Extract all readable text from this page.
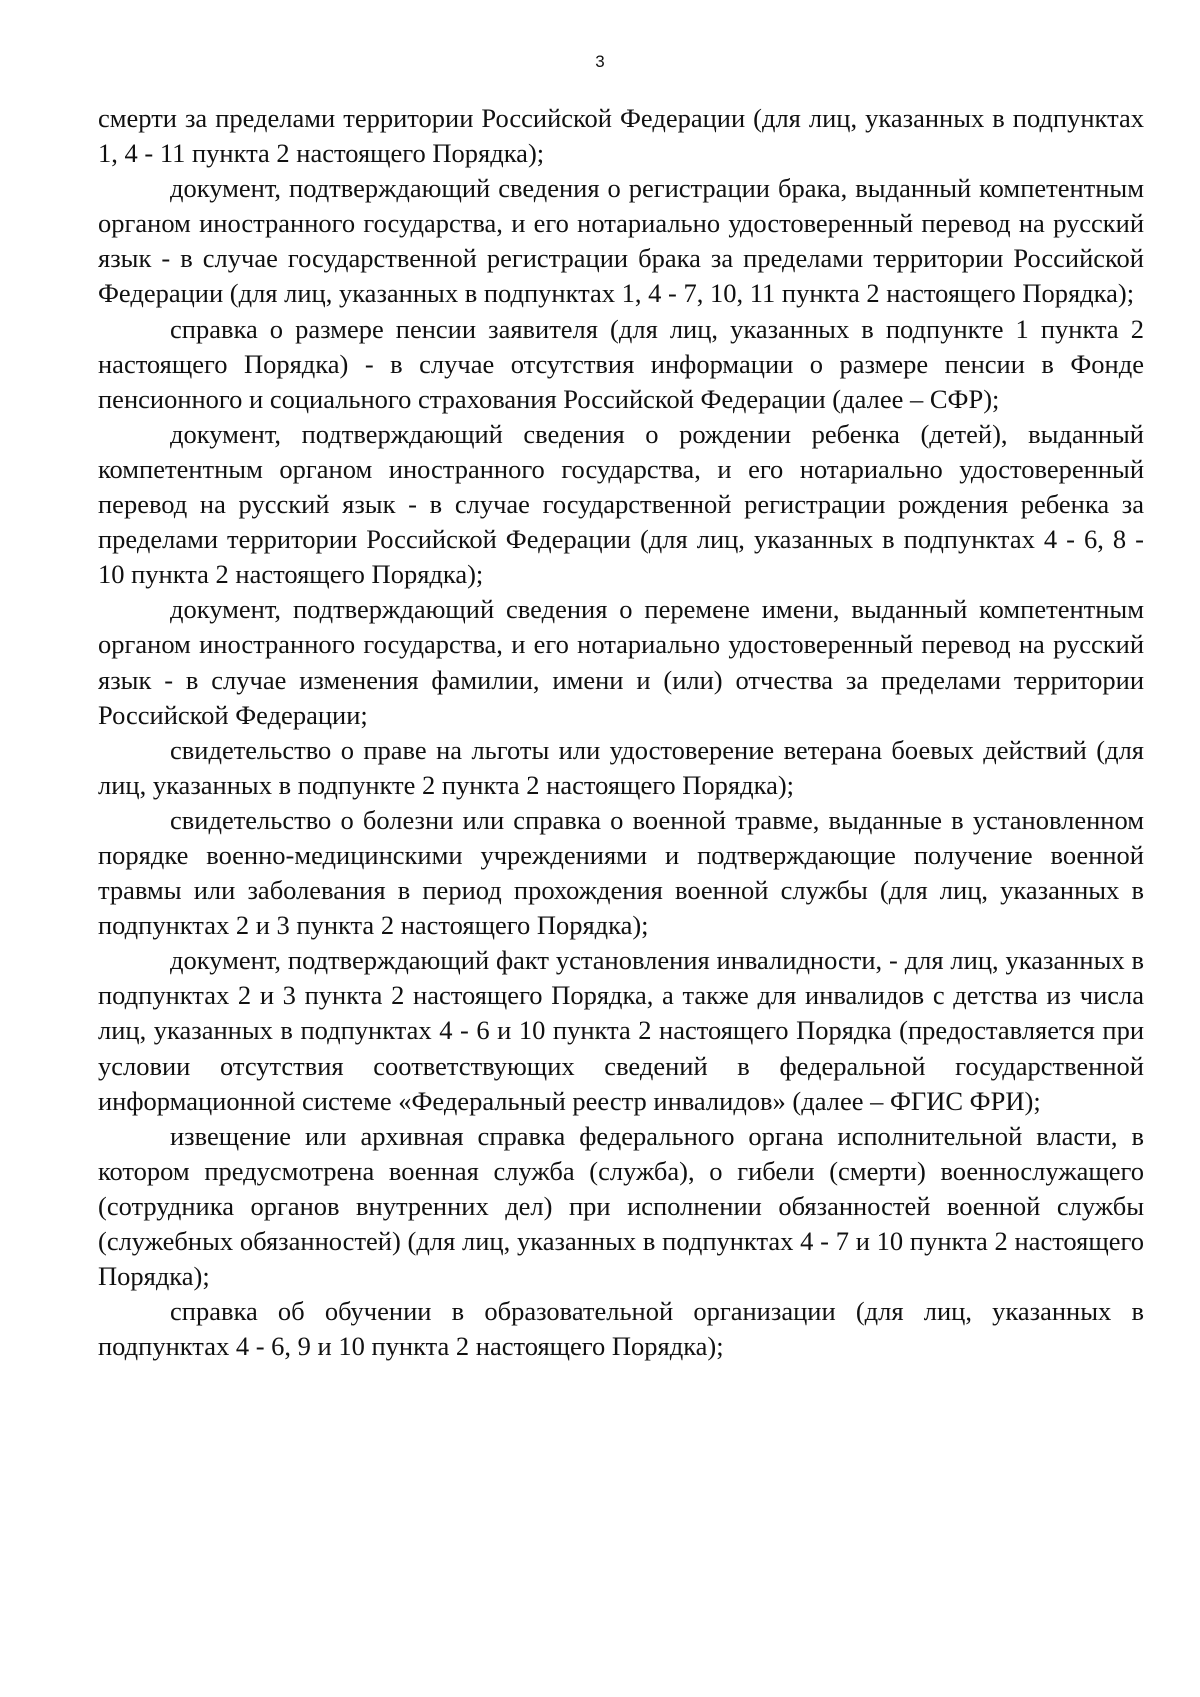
3

смерти за пределами территории Российской Федерации (для лиц, указанных в подпунктах 1, 4 - 11 пункта 2 настоящего Порядка);

документ, подтверждающий сведения о регистрации брака, выданный компетентным органом иностранного государства, и его нотариально удостоверенный перевод на русский язык - в случае государственной регистрации брака за пределами территории Российской Федерации (для лиц, указанных в подпунктах 1, 4 - 7, 10, 11 пункта 2 настоящего Порядка);

справка о размере пенсии заявителя (для лиц, указанных в подпункте 1 пункта 2 настоящего Порядка) - в случае отсутствия информации о размере пенсии в Фонде пенсионного и социального страхования Российской Федерации (далее – СФР);

документ, подтверждающий сведения о рождении ребенка (детей), выданный компетентным органом иностранного государства, и его нотариально удостоверенный перевод на русский язык - в случае государственной регистрации рождения ребенка за пределами территории Российской Федерации (для лиц, указанных в подпунктах 4 - 6, 8 - 10 пункта 2 настоящего Порядка);

документ, подтверждающий сведения о перемене имени, выданный компетентным органом иностранного государства, и его нотариально удостоверенный перевод на русский язык - в случае изменения фамилии, имени и (или) отчества за пределами территории Российской Федерации;

свидетельство о праве на льготы или удостоверение ветерана боевых действий (для лиц, указанных в подпункте 2 пункта 2 настоящего Порядка);

свидетельство о болезни или справка о военной травме, выданные в установленном порядке военно-медицинскими учреждениями и подтверждающие получение военной травмы или заболевания в период прохождения военной службы (для лиц, указанных в подпунктах 2 и 3 пункта 2 настоящего Порядка);

документ, подтверждающий факт установления инвалидности, - для лиц, указанных в подпунктах 2 и 3 пункта 2 настоящего Порядка, а также для инвалидов с детства из числа лиц, указанных в подпунктах 4 - 6 и 10 пункта 2 настоящего Порядка (предоставляется при условии отсутствия соответствующих сведений в федеральной государственной информационной системе «Федеральный реестр инвалидов» (далее – ФГИС ФРИ);

извещение или архивная справка федерального органа исполнительной власти, в котором предусмотрена военная служба (служба), о гибели (смерти) военнослужащего (сотрудника органов внутренних дел) при исполнении обязанностей военной службы (служебных обязанностей) (для лиц, указанных в подпунктах 4 - 7 и 10 пункта 2 настоящего Порядка);

справка об обучении в образовательной организации (для лиц, указанных в подпунктах 4 - 6, 9 и 10 пункта 2 настоящего Порядка);
